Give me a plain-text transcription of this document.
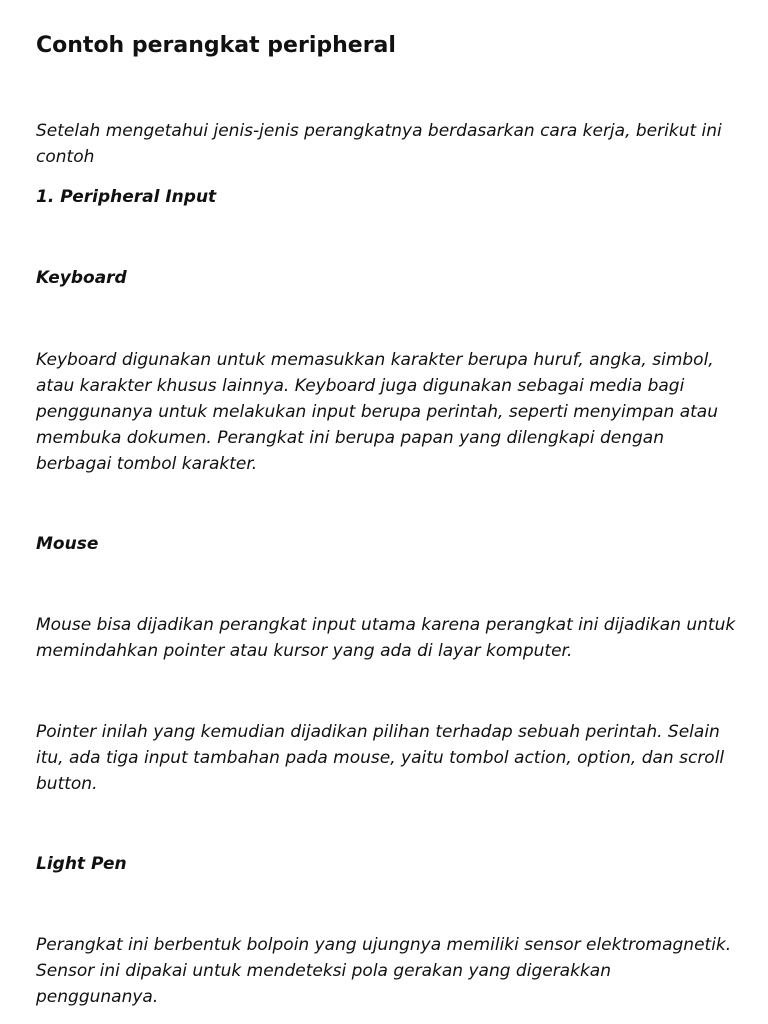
Contoh perangkat peripheral

Setelah mengetahui jenis-jenis perangkatnya berdasarkan cara kerja, berikut ini contoh

1. Peripheral Input

Keyboard

Keyboard digunakan untuk memasukkan karakter berupa huruf, angka, simbol, atau karakter khusus lainnya. Keyboard juga digunakan sebagai media bagi penggunanya untuk melakukan input berupa perintah, seperti menyimpan atau membuka dokumen. Perangkat ini berupa papan yang dilengkapi dengan berbagai tombol karakter.

Mouse

Mouse bisa dijadikan perangkat input utama karena perangkat ini dijadikan untuk memindahkan pointer atau kursor yang ada di layar komputer.

Pointer inilah yang kemudian dijadikan pilihan terhadap sebuah perintah. Selain itu, ada tiga input tambahan pada mouse, yaitu tombol action, option, dan scroll button.

Light Pen

Perangkat ini berbentuk bolpoin yang ujungnya memiliki sensor elektromagnetik. Sensor ini dipakai untuk mendeteksi pola gerakan yang digerakkan penggunanya.
